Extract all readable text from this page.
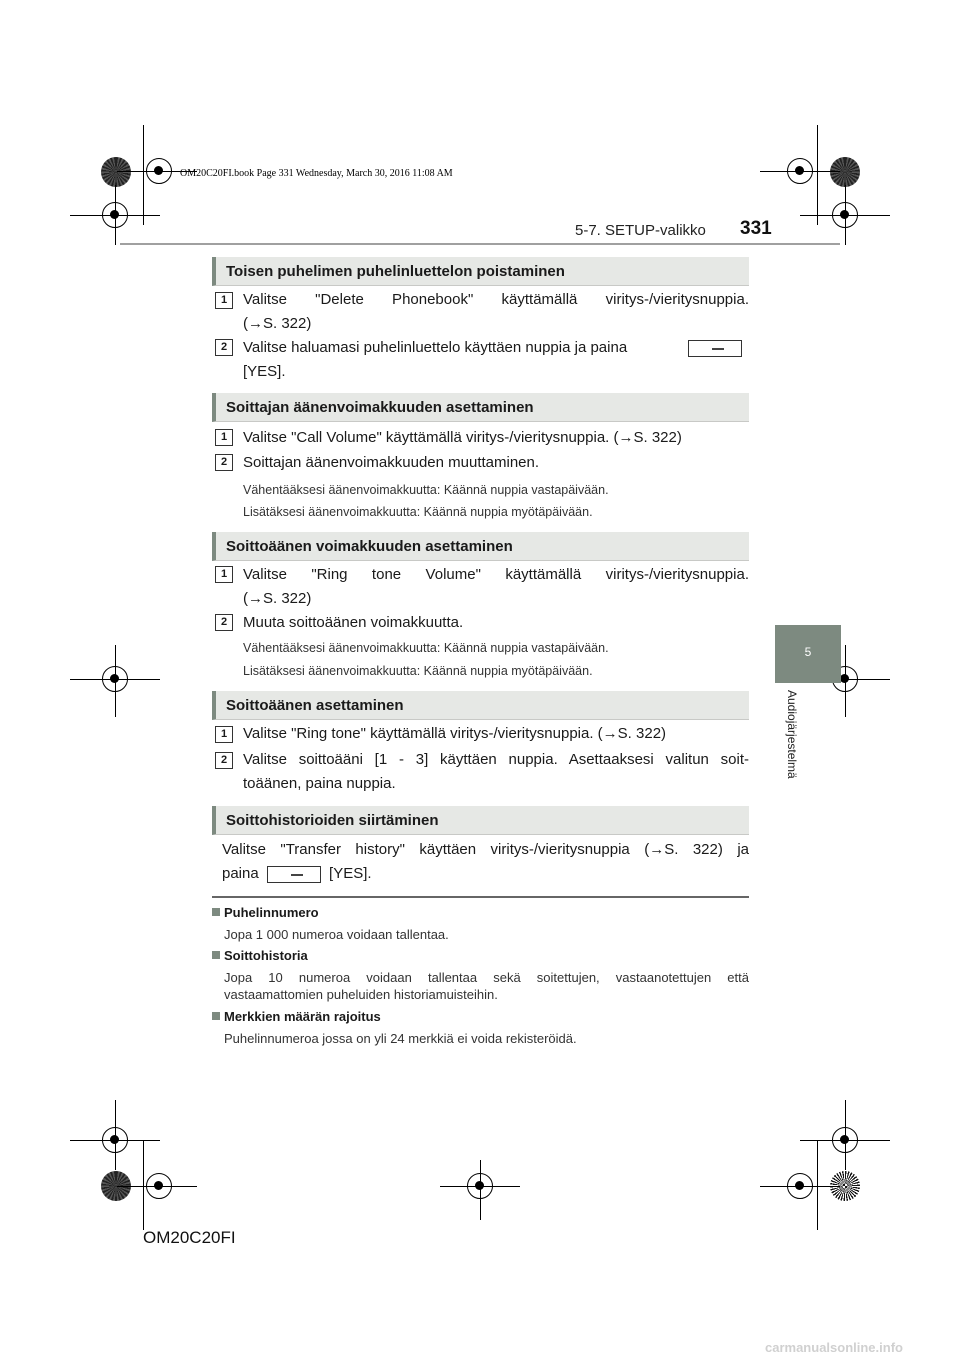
OM20C20FI.book Page 331 Wednesday, March 30, 2016 11:08 AM
5-7. SETUP-valikko 331
5
Audiojärjestelmä
Toisen puhelimen puhelinluettelon poistaminen
1	Valitse "Delete Phonebook" käyttämällä viritys-/vieritysnuppia.
(→S. 322)
2	Valitse haluamasi puhelinluettelo käyttäen nuppia ja paina
[YES].
Soittajan äänenvoimakkuuden asettaminen
1	Valitse "Call Volume" käyttämällä viritys-/vieritysnuppia. (→S. 322)
2	Soittajan äänenvoimakkuuden muuttaminen.
Vähentääksesi äänenvoimakkuutta: Käännä nuppia vastapäivään.
Lisätäksesi äänenvoimakkuutta: Käännä nuppia myötäpäivään.
Soittoäänen voimakkuuden asettaminen
1	Valitse "Ring tone Volume" käyttämällä viritys-/vieritysnuppia.
(→S. 322)
2	Muuta soittoäänen voimakkuutta.
Vähentääksesi äänenvoimakkuutta: Käännä nuppia vastapäivään.
Lisätäksesi äänenvoimakkuutta: Käännä nuppia myötäpäivään.
Soittoäänen asettaminen
1	Valitse "Ring tone" käyttämällä viritys-/vieritysnuppia. (→S. 322)
2	Valitse soittoääni [1 - 3] käyttäen nuppia. Asettaaksesi valitun soit-
toäänen, paina nuppia.
Soittohistorioiden siirtäminen
Valitse "Transfer history" käyttäen viritys-/vieritysnuppia (→S. 322) ja
paina	[YES].
Puhelinnumero
Jopa 1 000 numeroa voidaan tallentaa.
Soittohistoria
Jopa 10 numeroa voidaan tallentaa sekä soitettujen, vastaanotettujen että vastaamattomien puheluiden historiamuisteihin.
Merkkien määrän rajoitus
Puhelinnumeroa jossa on yli 24 merkkiä ei voida rekisteröidä.
OM20C20FI
carmanualsonline.info
